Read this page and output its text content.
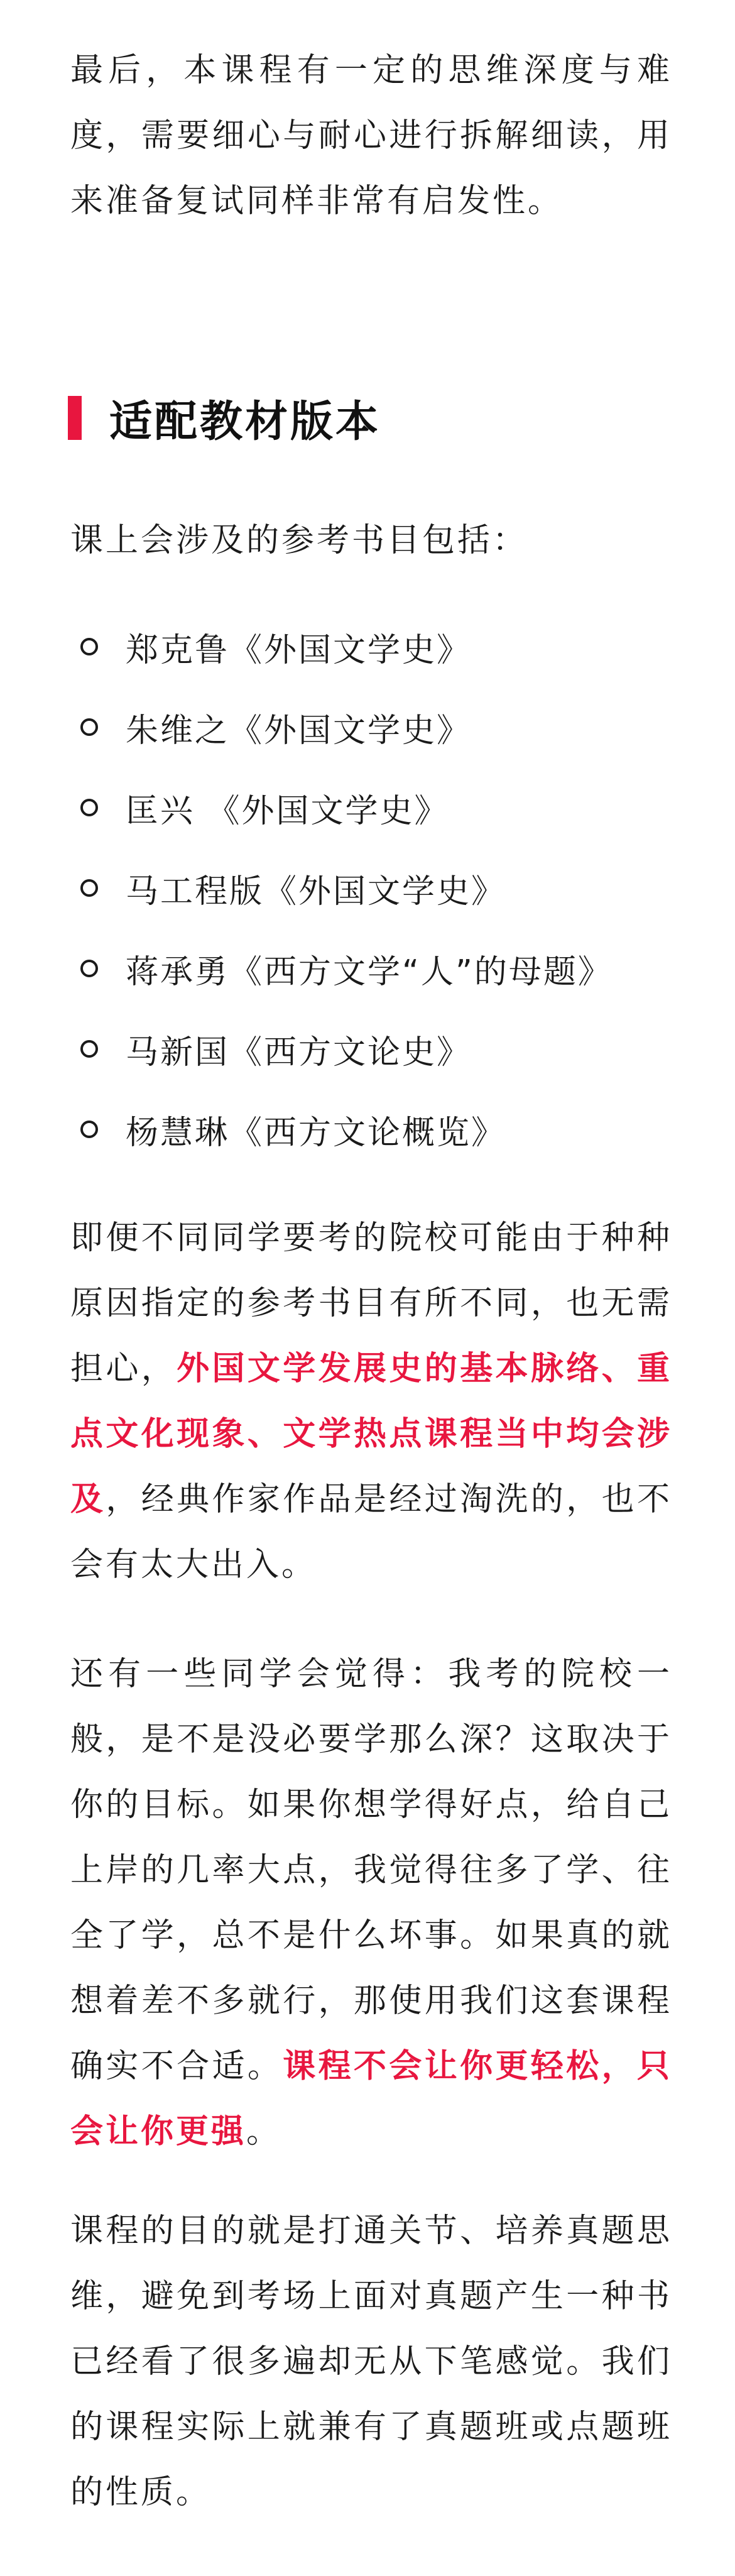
最后，本课程有一定的思维深度与难度，需要细心与耐心进行拆解细读，用来准备复试同样非常有启发性。

适配教材版本

课上会涉及的参考书目包括：

郑克鲁《外国文学史》
朱维之《外国文学史》
匡兴 《外国文学史》
马工程版《外国文学史》
蒋承勇《西方文学“人”的母题》
马新国《西方文论史》
杨慧琳《西方文论概览》

即便不同同学要考的院校可能由于种种原因指定的参考书目有所不同，也无需担心，外国文学发展史的基本脉络、重点文化现象、文学热点课程当中均会涉及，经典作家作品是经过淘洗的，也不会有太大出入。

还有一些同学会觉得：我考的院校一般，是不是没必要学那么深？这取决于你的目标。如果你想学得好点，给自己上岸的几率大点，我觉得往多了学、往全了学，总不是什么坏事。如果真的就想着差不多就行，那使用我们这套课程确实不合适。课程不会让你更轻松，只会让你更强。

课程的目的就是打通关节、培养真题思维，避免到考场上面对真题产生一种书已经看了很多遍却无从下笔感觉。我们的课程实际上就兼有了真题班或点题班的性质。
